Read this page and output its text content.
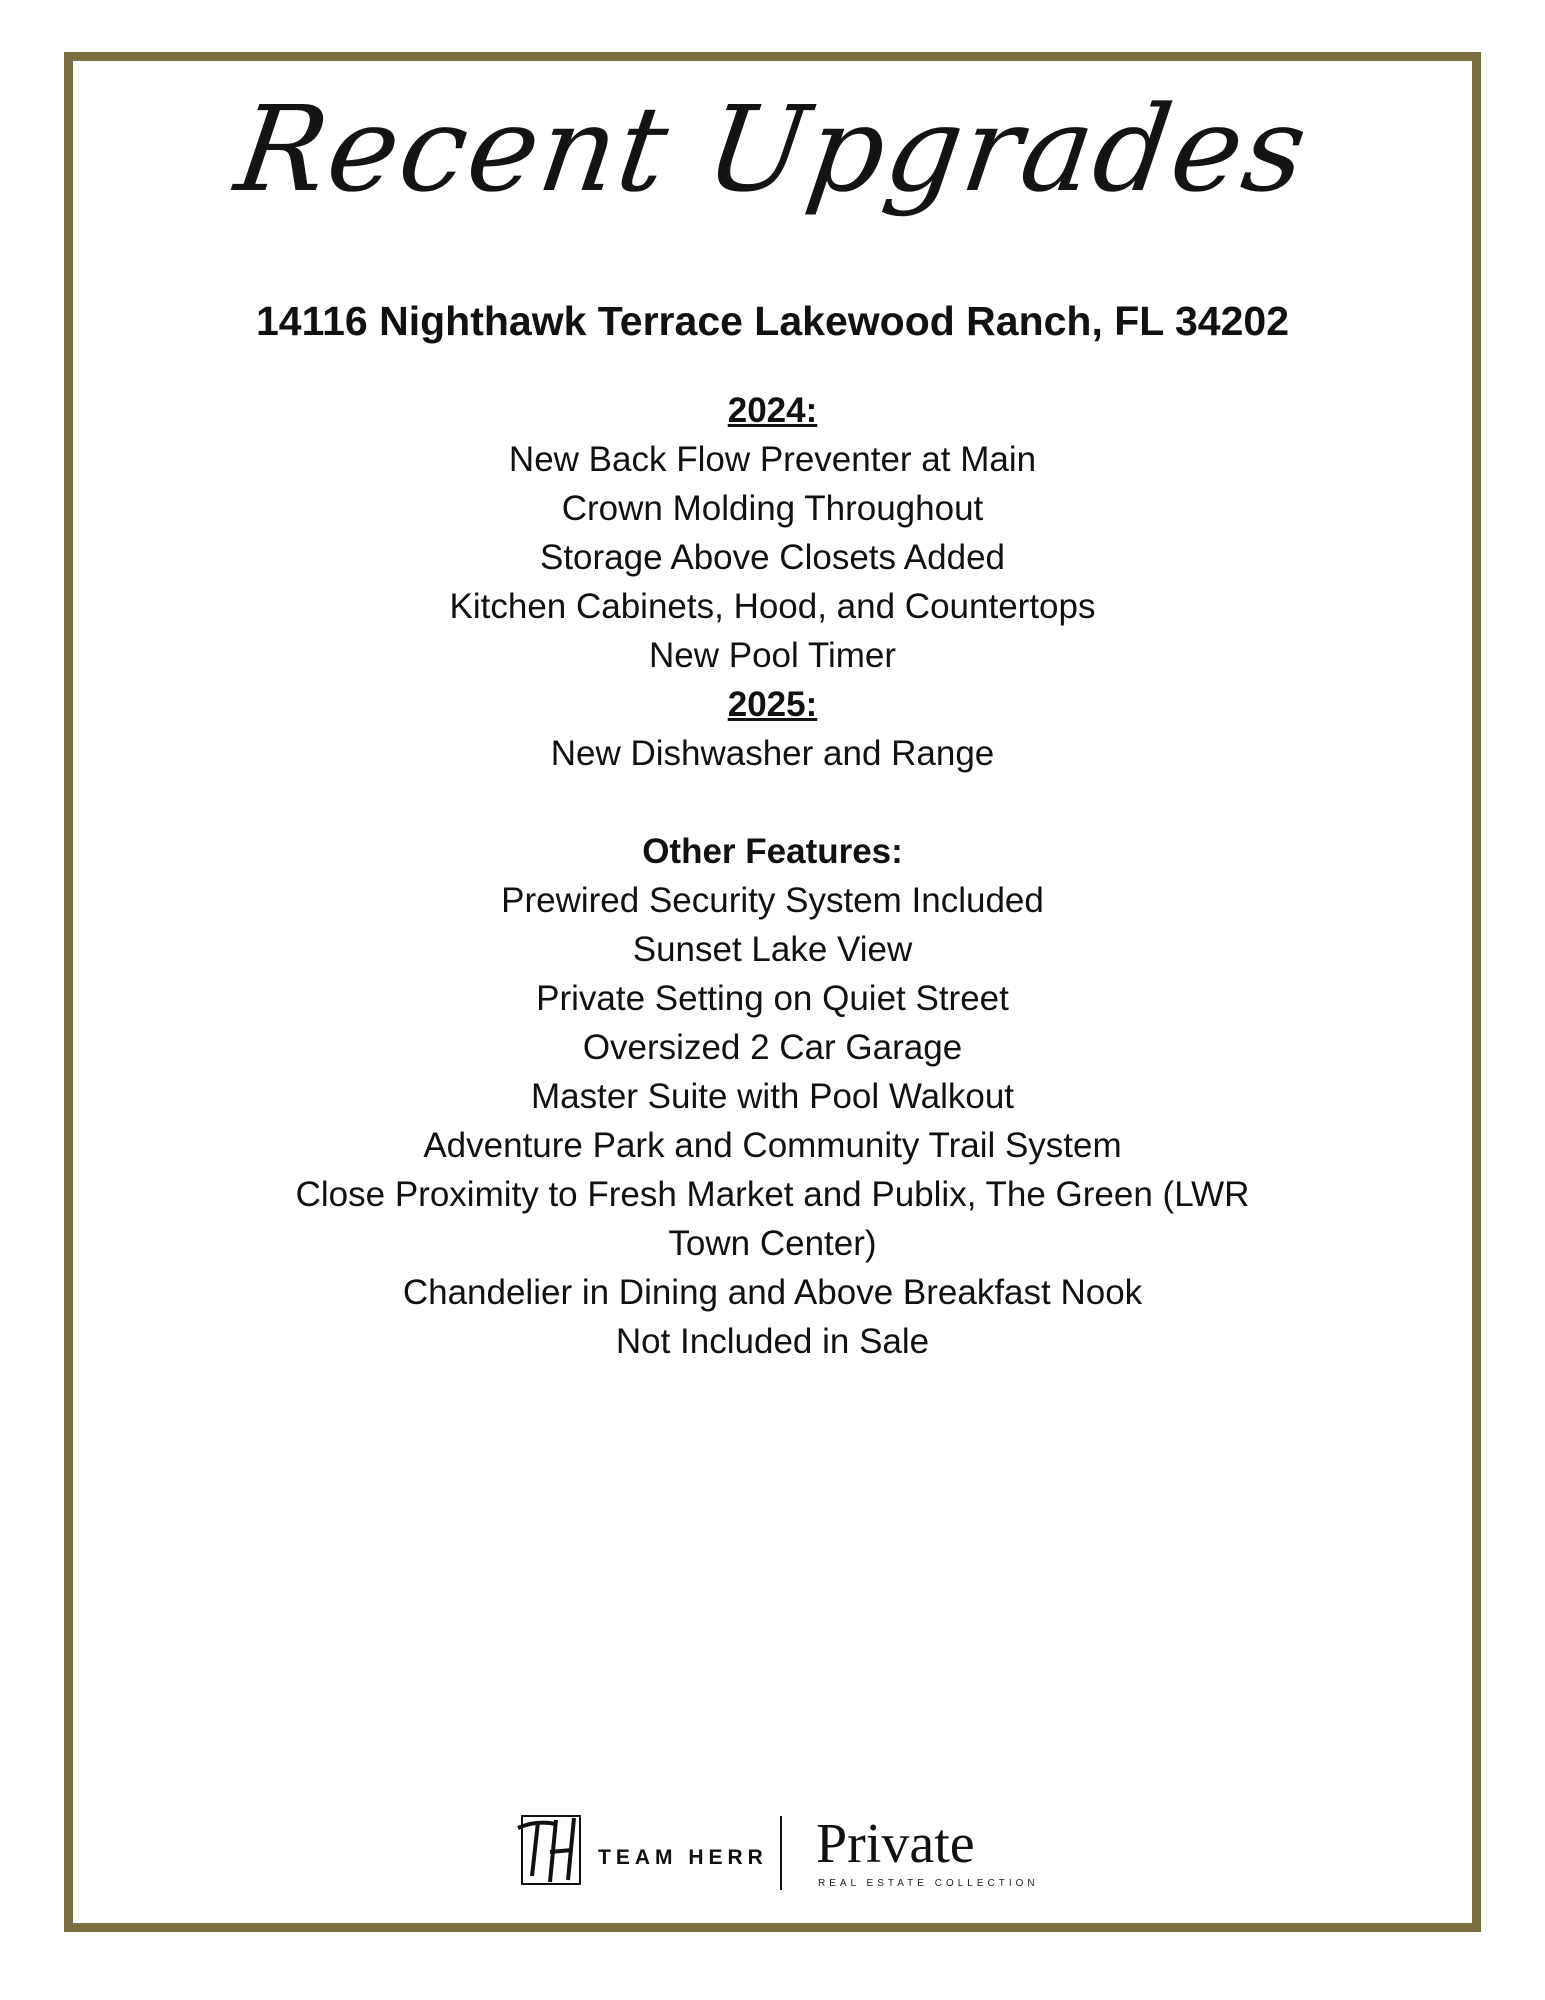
Recent Upgrades
14116 Nighthawk Terrace Lakewood Ranch, FL 34202
2024:
New Back Flow Preventer at Main
Crown Molding Throughout
Storage Above Closets Added
Kitchen Cabinets, Hood, and Countertops
New Pool Timer
2025:
New Dishwasher and Range
Other Features:
Prewired Security System Included
Sunset Lake View
Private Setting on Quiet Street
Oversized 2 Car Garage
Master Suite with Pool Walkout
Adventure Park and Community Trail System
Close Proximity to Fresh Market and Publix, The Green (LWR
Town Center)
Chandelier in Dining and Above Breakfast Nook
Not Included in Sale
TEAM HERR Private
REAL ESTATE COLLECTION
